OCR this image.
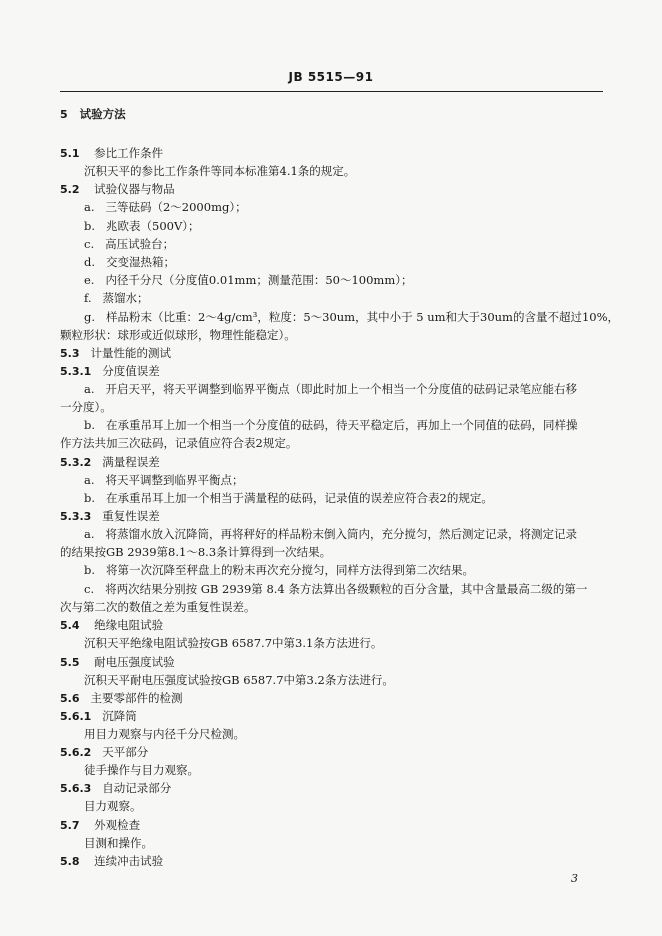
JB 5515—91
5 试验方法
5.1 参比工作条件
沉积天平的参比工作条件等同本标准第4.1条的规定。
5.2 试验仪器与物品
a. 三等砝码（2～2000mg）；
b. 兆欧表（500V）；
c. 高压试验台；
d. 交变湿热箱；
e. 内径千分尺（分度值0.01mm；测量范围：50～100mm）；
f. 蒸馏水；
g. 样品粉末（比重：2～4g/cm³，粒度：5～30um，其中小于 5 um和大于30um的含量不超过10%，
颗粒形状：球形或近似球形，物理性能稳定）。
5.3 计量性能的测试
5.3.1 分度值误差
a. 开启天平，将天平调整到临界平衡点（即此时加上一个相当一个分度值的砝码记录笔应能右移
一分度）。
b. 在承重吊耳上加一个相当一个分度值的砝码，待天平稳定后，再加上一个同值的砝码，同样操
作方法共加三次砝码，记录值应符合表2规定。
5.3.2 满量程误差
a. 将天平调整到临界平衡点；
b. 在承重吊耳上加一个相当于满量程的砝码，记录值的误差应符合表2的规定。
5.3.3 重复性误差
a. 将蒸馏水放入沉降筒，再将秤好的样品粉末倒入筒内，充分搅匀，然后测定记录，将测定记录
的结果按GB 2939第8.1～8.3条计算得到一次结果。
b. 将第一次沉降至秤盘上的粉末再次充分搅匀，同样方法得到第二次结果。
c. 将两次结果分别按 GB 2939第 8.4 条方法算出各级颗粒的百分含量，其中含量最高二级的第一
次与第二次的数值之差为重复性误差。
5.4 绝缘电阻试验
沉积天平绝缘电阻试验按GB 6587.7中第3.1条方法进行。
5.5 耐电压强度试验
沉积天平耐电压强度试验按GB 6587.7中第3.2条方法进行。
5.6 主要零部件的检测
5.6.1 沉降筒
用目力观察与内径千分尺检测。
5.6.2 天平部分
徒手操作与目力观察。
5.6.3 自动记录部分
目力观察。
5.7 外观检查
目测和操作。
5.8 连续冲击试验
3
